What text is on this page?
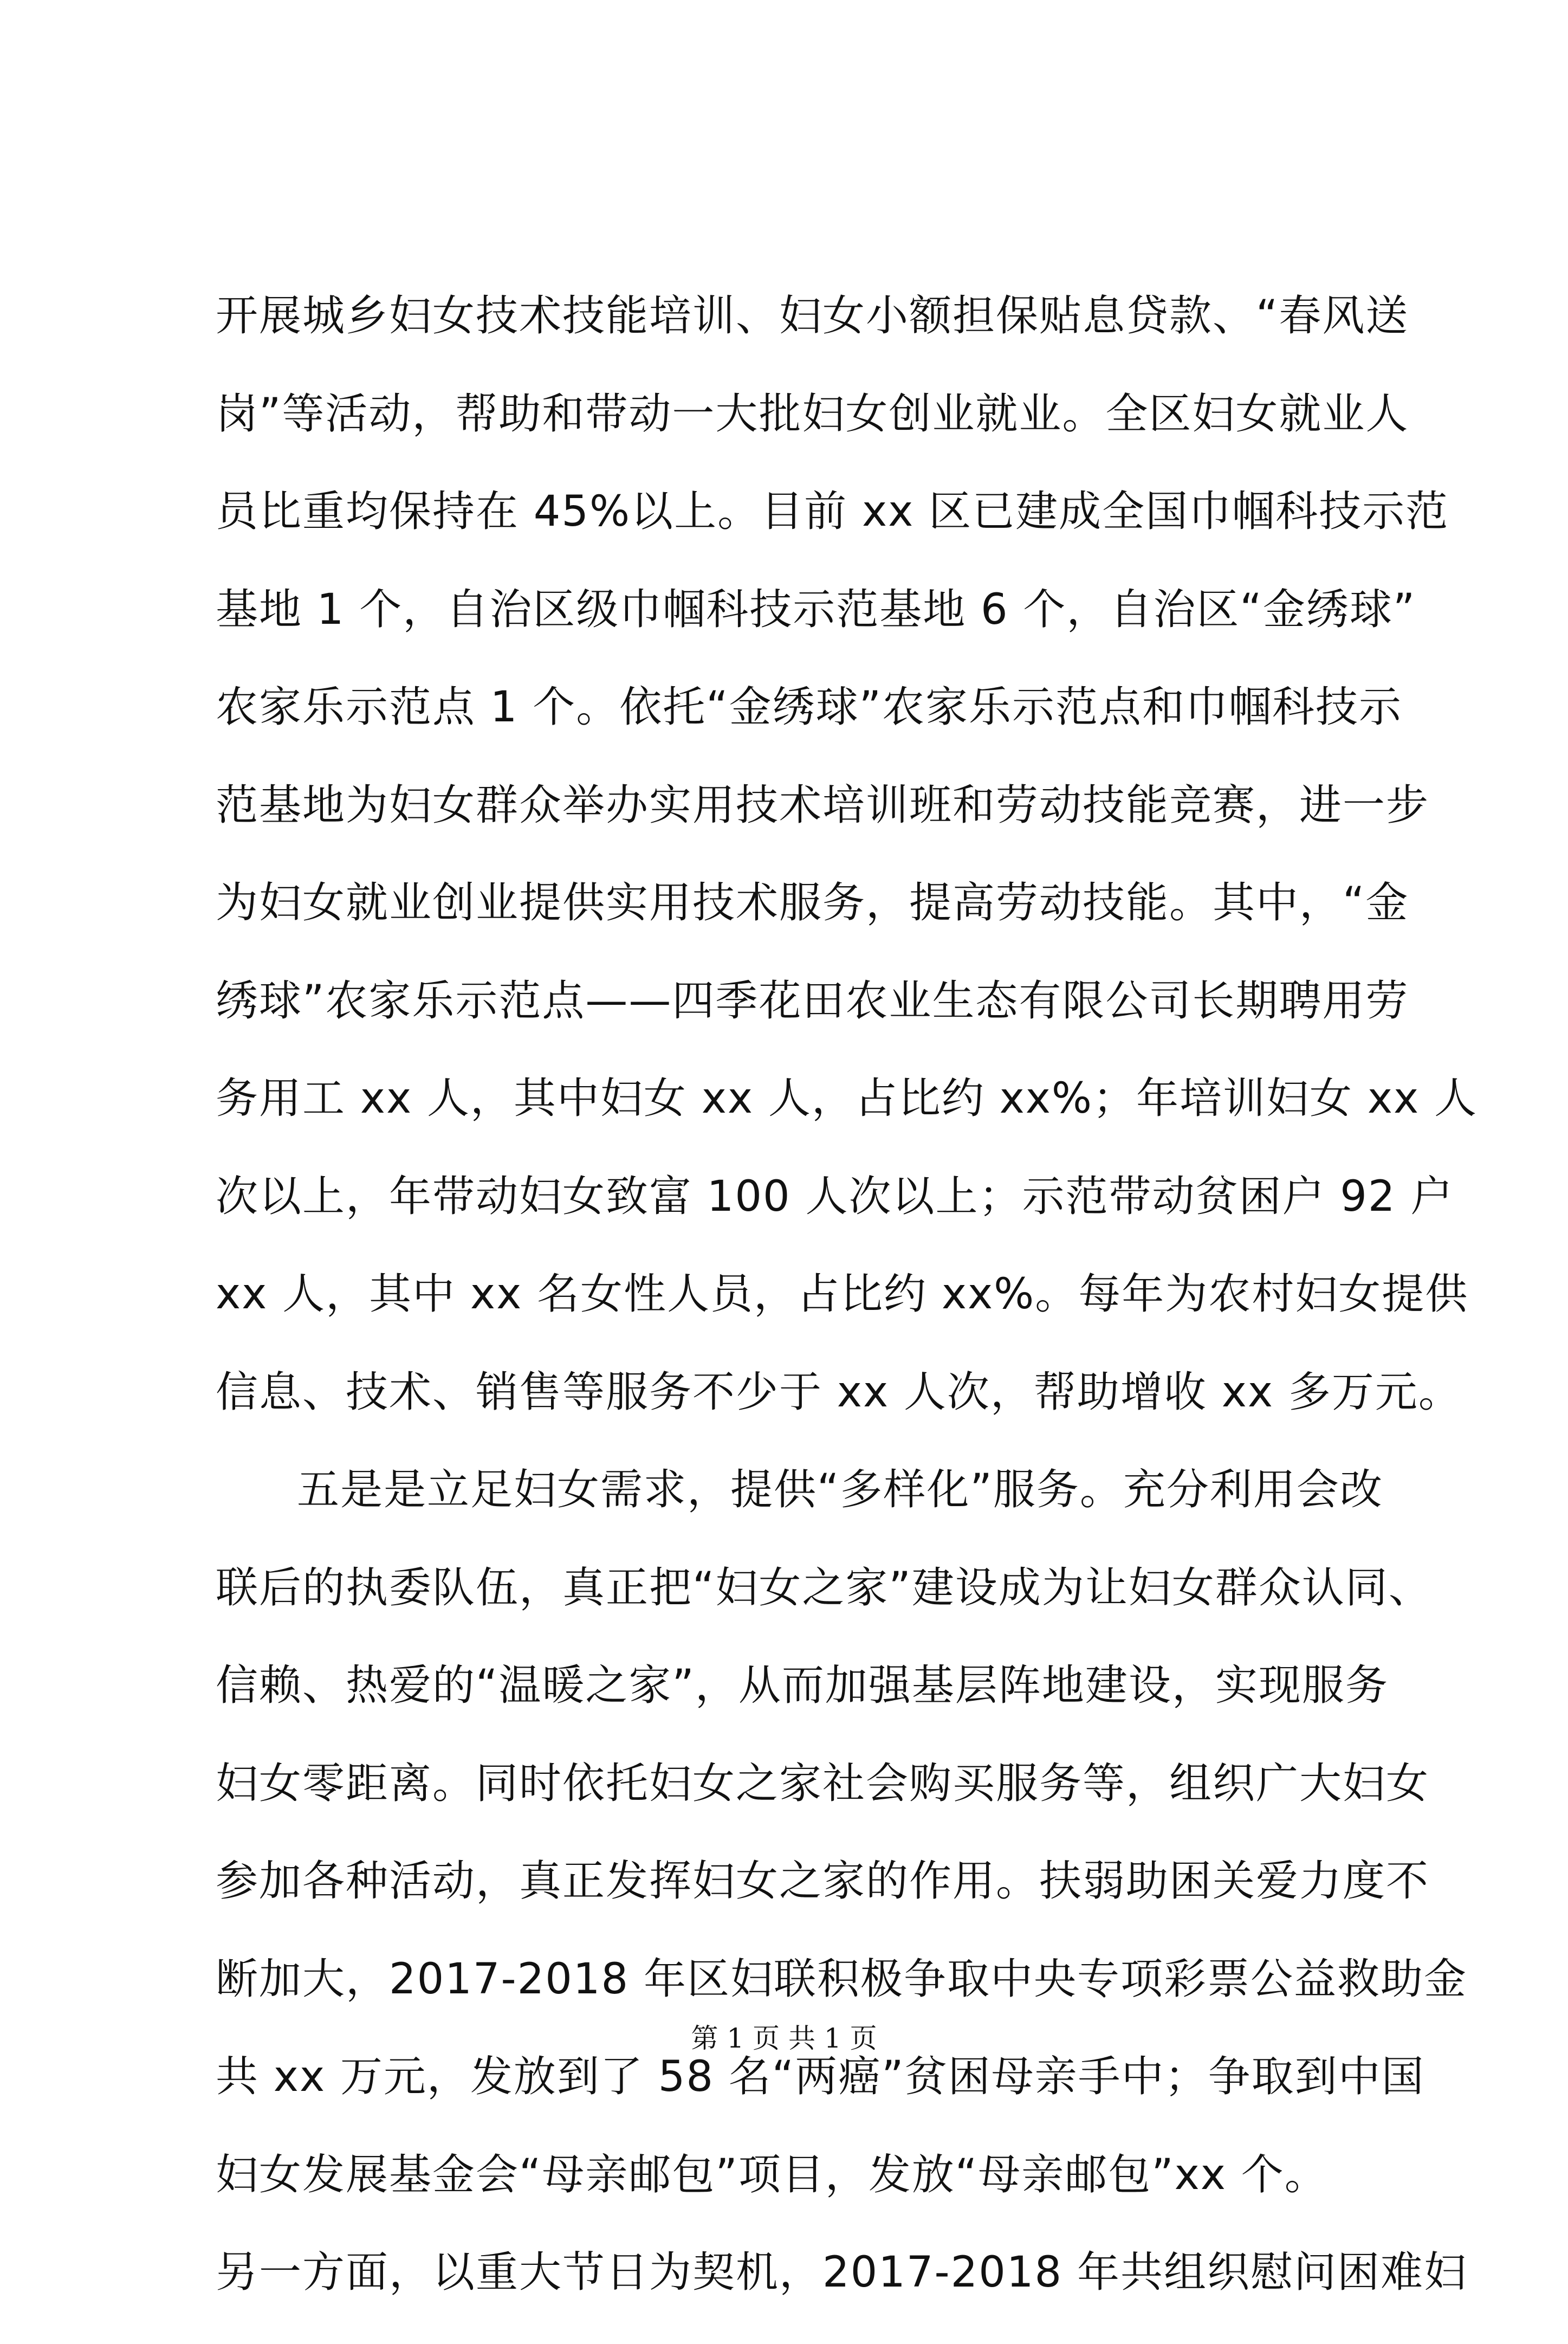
开展城乡妇女技术技能培训、妇女小额担保贴息贷款、“春风送
岗”等活动，帮助和带动一大批妇女创业就业。全区妇女就业人
员比重均保持在 45%以上。目前 xx 区已建成全国巾帼科技示范
基地 1 个，自治区级巾帼科技示范基地 6 个，自治区“金绣球”
农家乐示范点 1 个。依托“金绣球”农家乐示范点和巾帼科技示
范基地为妇女群众举办实用技术培训班和劳动技能竞赛，进一步
为妇女就业创业提供实用技术服务，提高劳动技能。其中，“金
绣球”农家乐示范点——四季花田农业生态有限公司长期聘用劳
务用工 xx 人，其中妇女 xx 人，占比约 xx%；年培训妇女 xx 人
次以上，年带动妇女致富 100 人次以上；示范带动贫困户 92 户
xx 人，其中 xx 名女性人员，占比约 xx%。每年为农村妇女提供
信息、技术、销售等服务不少于 xx 人次，帮助增收 xx 多万元。
五是是立足妇女需求，提供“多样化”服务。充分利用会改
联后的执委队伍，真正把“妇女之家”建设成为让妇女群众认同、
信赖、热爱的“温暖之家”，从而加强基层阵地建设，实现服务
妇女零距离。同时依托妇女之家社会购买服务等，组织广大妇女
参加各种活动，真正发挥妇女之家的作用。扶弱助困关爱力度不
断加大，2017-2018 年区妇联积极争取中央专项彩票公益救助金
共 xx 万元，发放到了 58 名“两癌”贫困母亲手中；争取到中国
妇女发展基金会“母亲邮包”项目，发放“母亲邮包”xx 个。
另一方面，以重大节日为契机，2017-2018 年共组织慰问困难妇
第 1 页 共 1 页
